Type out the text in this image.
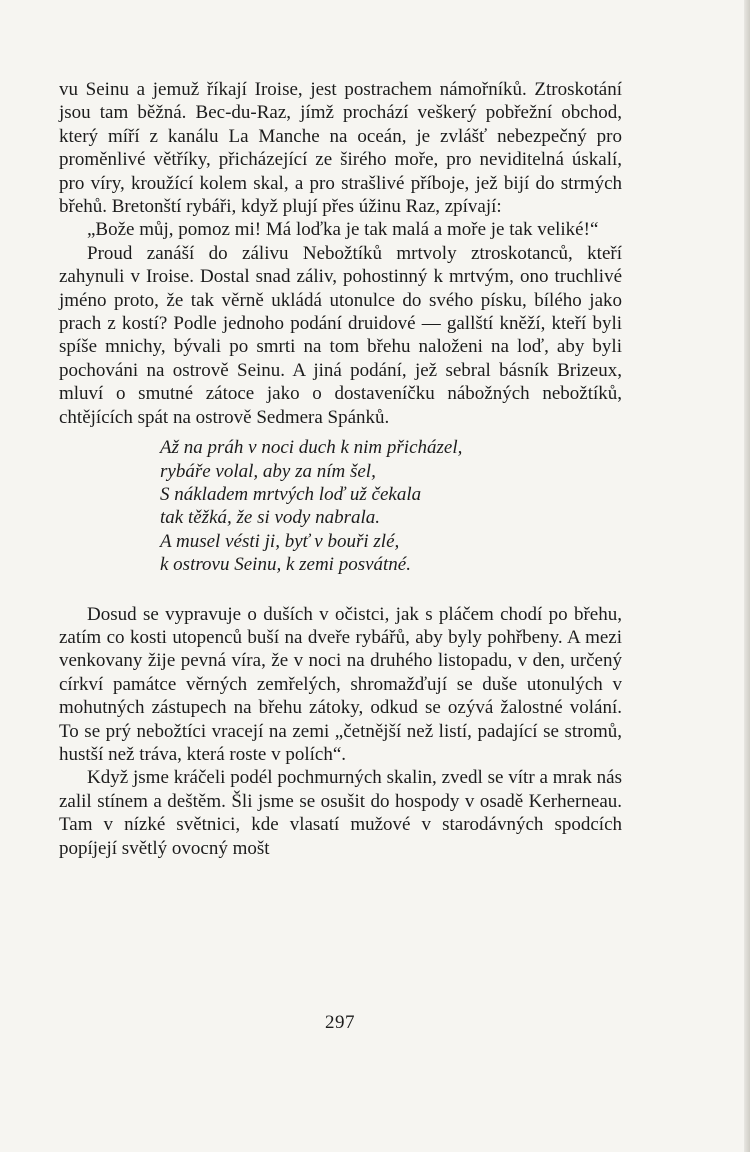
vu Seinu a jemuž říkají Iroise, jest postrachem námořníků. Ztroskotání jsou tam běžná. Bec-du-Raz, jímž prochází veškerý pobřežní obchod, který míří z kanálu La Manche na oceán, je zvlášť nebezpečný pro proměnlivé větříky, přicházející ze širého moře, pro neviditelná úskalí, pro víry, kroužící kolem skal, a pro strašlivé příboje, jež bijí do strmých břehů. Bretonští rybáři, když plují přes úžinu Raz, zpívají:

„Bože můj, pomoz mi! Má loďka je tak malá a moře je tak veliké!“

Proud zanáší do zálivu Nebožtíků mrtvoly ztroskotanců, kteří zahynuli v Iroise. Dostal snad záliv, pohostinný k mrtvým, ono truchlivé jméno proto, že tak věrně ukládá utonulce do svého písku, bílého jako prach z kostí? Podle jednoho podání druidové — gallští kněží, kteří byli spíše mnichy, bývali po smrti na tom břehu naloženi na loď, aby byli pochováni na ostrově Seinu. A jiná podání, jež sebral básník Brizeux, mluví o smutné zátoce jako o dostaveníčku nábožných nebožtíků, chtějících spát na ostrově Sedmera Spánků.

Až na práh v noci duch k nim přicházel,
rybáře volal, aby za ním šel,
S nákladem mrtvých loď už čekala
tak těžká, že si vody nabrala.
A musel vésti ji, byť v bouři zlé,
k ostrovu Seinu, k zemi posvátné.

Dosud se vypravuje o duších v očistci, jak s pláčem chodí po břehu, zatím co kosti utopenců buší na dveře rybářů, aby byly pohřbeny. A mezi venkovany žije pevná víra, že v noci na druhého listopadu, v den, určený církví památce věrných zemřelých, shromažďují se duše utonulých v mohutných zástupech na břehu zátoky, odkud se ozývá žalostné volání. To se prý nebožtíci vracejí na zemi „četnější než listí, padající se stromů, hustší než tráva, která roste v polích“.

Když jsme kráčeli podél pochmurných skalin, zvedl se vítr a mrak nás zalil stínem a deštěm. Šli jsme se osušit do hospody v osadě Kerherneau. Tam v nízké světnici, kde vlasatí mužové v starodávných spodcích popíjejí světlý ovocný mošt

297
